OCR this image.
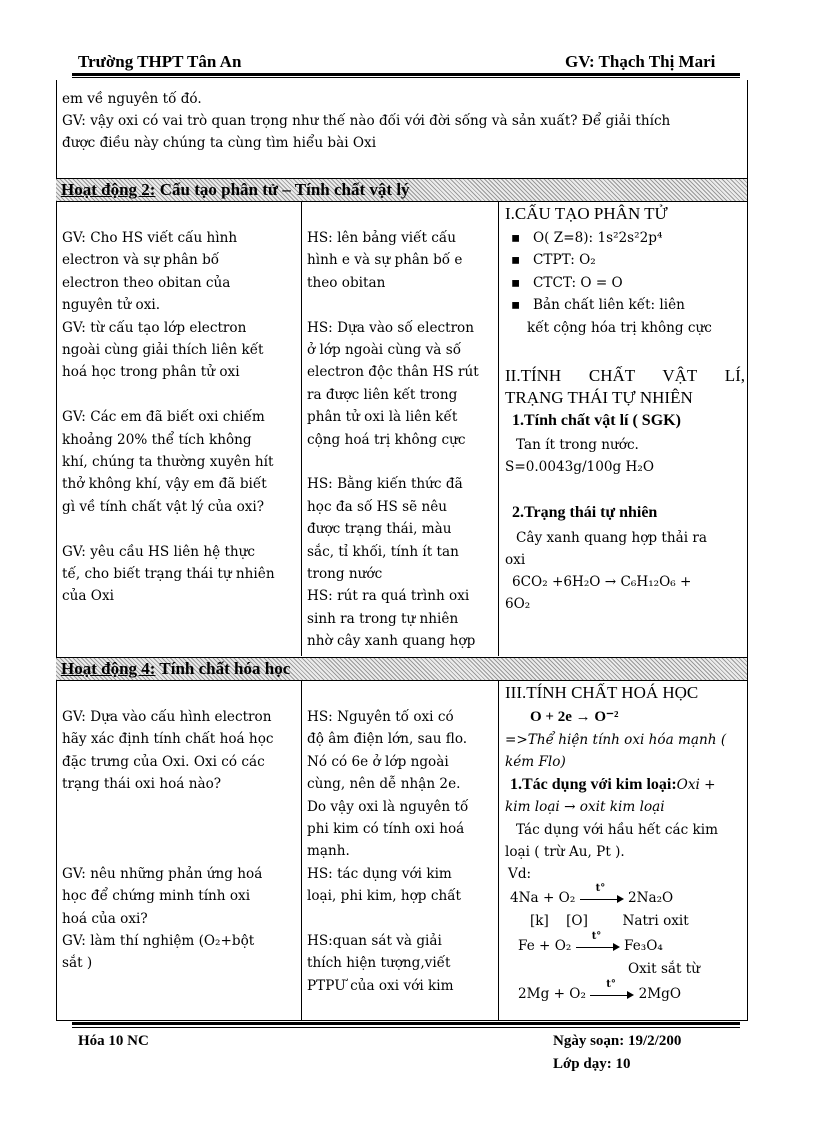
Trường THPT Tân An	GV: Thạch Thị Mari
em về nguyên tố đó.
GV: vậy oxi có vai trò quan trọng như thế nào đối với đời sống và sản xuất? Để giải thích
được điều này chúng ta cùng tìm hiểu bài Oxi
Hoạt động 2: Cấu tạo phân tử – Tính chất vật lý
GV: Cho HS viết cấu hình
electron và sự phân bố
electron theo obitan của
nguyên tử oxi.
GV: từ cấu tạo lớp electron
ngoài cùng giải thích liên kết
hoá học trong phân tử oxi
GV: Các em đã biết oxi chiếm
khoảng 20% thể tích không
khí, chúng ta thường xuyên hít
thở không khí, vậy em đã biết
gì về tính chất vật lý của oxi?
GV: yêu cầu HS liên hệ thực
tế, cho biết trạng thái tự nhiên
của Oxi
HS: lên bảng viết cấu
hình e và sự phân bố e
theo obitan
HS: Dựa vào số electron
ở lớp ngoài cùng và số
electron độc thân HS rút
ra được liên kết trong
phân tử oxi là liên kết
cộng hoá trị không cực
HS: Bằng kiến thức đã
học đa số HS sẽ nêu
được trạng thái, màu
sắc, tỉ khối, tính ít tan
trong nước
HS: rút ra quá trình oxi
sinh ra trong tự nhiên
nhờ cây xanh quang hợp
I.CẤU TẠO PHÂN TỬ
▪ O( Z=8): 1s²2s²2p⁴
▪ CTPT: O₂
▪ CTCT: O = O
▪ Bản chất liên kết: liên
kết cộng hóa trị không cực
II.TÍNH CHẤT VẬT LÍ,
TRẠNG THÁI TỰ NHIÊN
1.Tính chất vật lí ( SGK)
Tan ít trong nước.
S=0.0043g/100g H₂O
2.Trạng thái tự nhiên
Cây xanh quang hợp thải ra
oxi
6CO₂ +6H₂O → C₆H₁₂O₆ +
6O₂
Hoạt động 4: Tính chất hóa học
GV: Dựa vào cấu hình electron
hãy xác định tính chất hoá học
đặc trưng của Oxi. Oxi có các
trạng thái oxi hoá nào?
GV: nêu những phản ứng hoá
học để chứng minh tính oxi
hoá của oxi?
GV: làm thí nghiệm (O₂+bột
sắt )
HS: Nguyên tố oxi có
độ âm điện lớn, sau flo.
Nó có 6e ở lớp ngoài
cùng, nên dễ nhận 2e.
Do vậy oxi là nguyên tố
phi kim có tính oxi hoá
mạnh.
HS: tác dụng với kim
loại, phi kim, hợp chất
HS:quan sát và giải
thích hiện tượng,viết
PTPƯ của oxi với kim
III.TÍNH CHẤT HOÁ HỌC
O + 2e → O⁻²
=>Thể hiện tính oxi hóa mạnh (
kém Flo)
1.Tác dụng với kim loại:Oxi +
kim loại → oxit kim loại
Tác dụng với hầu hết các kim
loại ( trừ Au, Pt ).
Vd:
4Na + O₂
t°
2Na₂O
[k]    [O]        Natri oxit
Fe + O₂
t°
Fe₃O₄
Oxit sắt từ
2Mg + O₂
t°
2MgO
Hóa 10 NC	Ngày soạn: 19/2/200
Lớp dạy: 10
